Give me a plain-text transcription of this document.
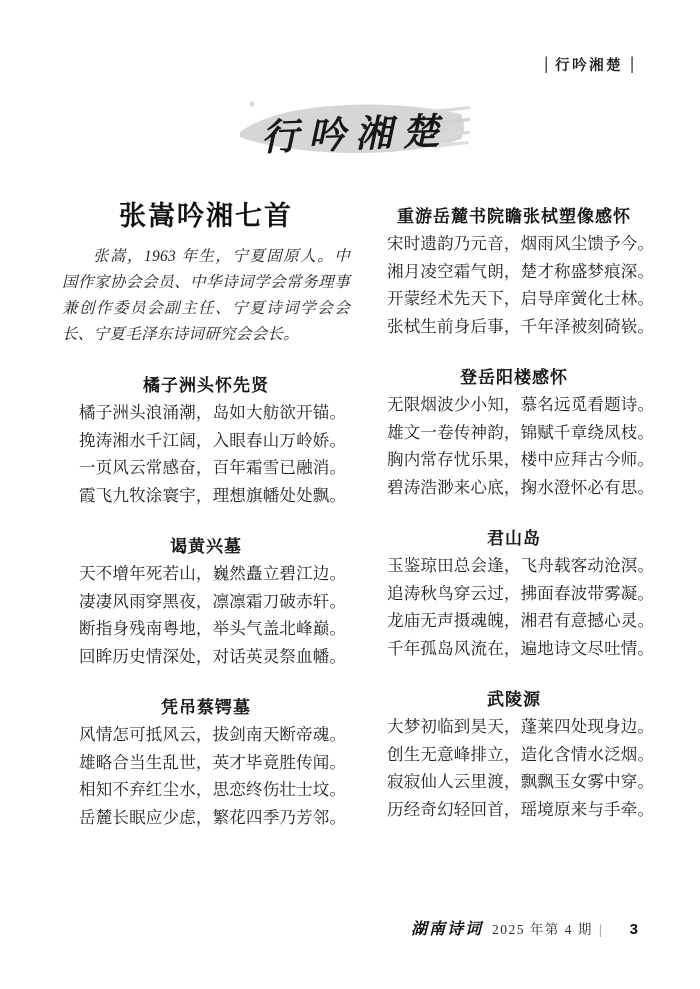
| 行吟湘楚 |
行吟湘楚
张嵩吟湘七首

张嵩，1963 年生，宁夏固原人。中国作家协会会员、中华诗词学会常务理事兼创作委员会副主任、宁夏诗词学会会长、宁夏毛泽东诗词研究会会长。

橘子洲头怀先贤
橘子洲头浪涌潮，岛如大舫欲开锚。
挽涛湘水千江阔，入眼春山万岭娇。
一页风云常感奋，百年霜雪已融消。
霞飞九牧涂寰宇，理想旗幡处处飘。
谒黄兴墓
天不增年死若山，巍然矗立碧江边。
凄凄风雨穿黑夜，凛凛霜刀破赤轩。
断指身残南粤地，举头气盖北峰巅。
回眸历史情深处，对话英灵祭血幡。
凭吊蔡锷墓
风情怎可抵风云，拔剑南天断帝魂。
雄略合当生乱世，英才毕竟胜传闻。
相知不弃红尘水，思恋终伤壮士坟。
岳麓长眠应少虑，繁花四季乃芳邻。
重游岳麓书院瞻张栻塑像感怀
宋时遗韵乃元音，烟雨风尘馈予今。
湘月凌空霜气朗，楚才称盛梦痕深。
开蒙经术先天下，启导庠黉化士林。
张栻生前身后事，千年泽被刻碕嵚。
登岳阳楼感怀
无限烟波少小知，慕名远觅看题诗。
雄文一卷传神韵，锦赋千章绕凤枝。
胸内常存忧乐果，楼中应拜古今师。
碧涛浩渺来心底，掬水澄怀必有思。
君山岛
玉鉴琼田总会逢，飞舟载客动沧溟。
追涛秋鸟穿云过，拂面春波带雾凝。
龙庙无声摄魂魄，湘君有意撼心灵。
千年孤岛风流在，遍地诗文尽吐情。
武陵源
大梦初临到昊天，蓬莱四处现身边。
创生无意峰排立，造化含情水泛烟。
寂寂仙人云里渡，飘飘玉女雾中穿。
历经奇幻轻回首，瑶境原来与手牵。
湖南诗词 2025 年第 4 期 | 3
